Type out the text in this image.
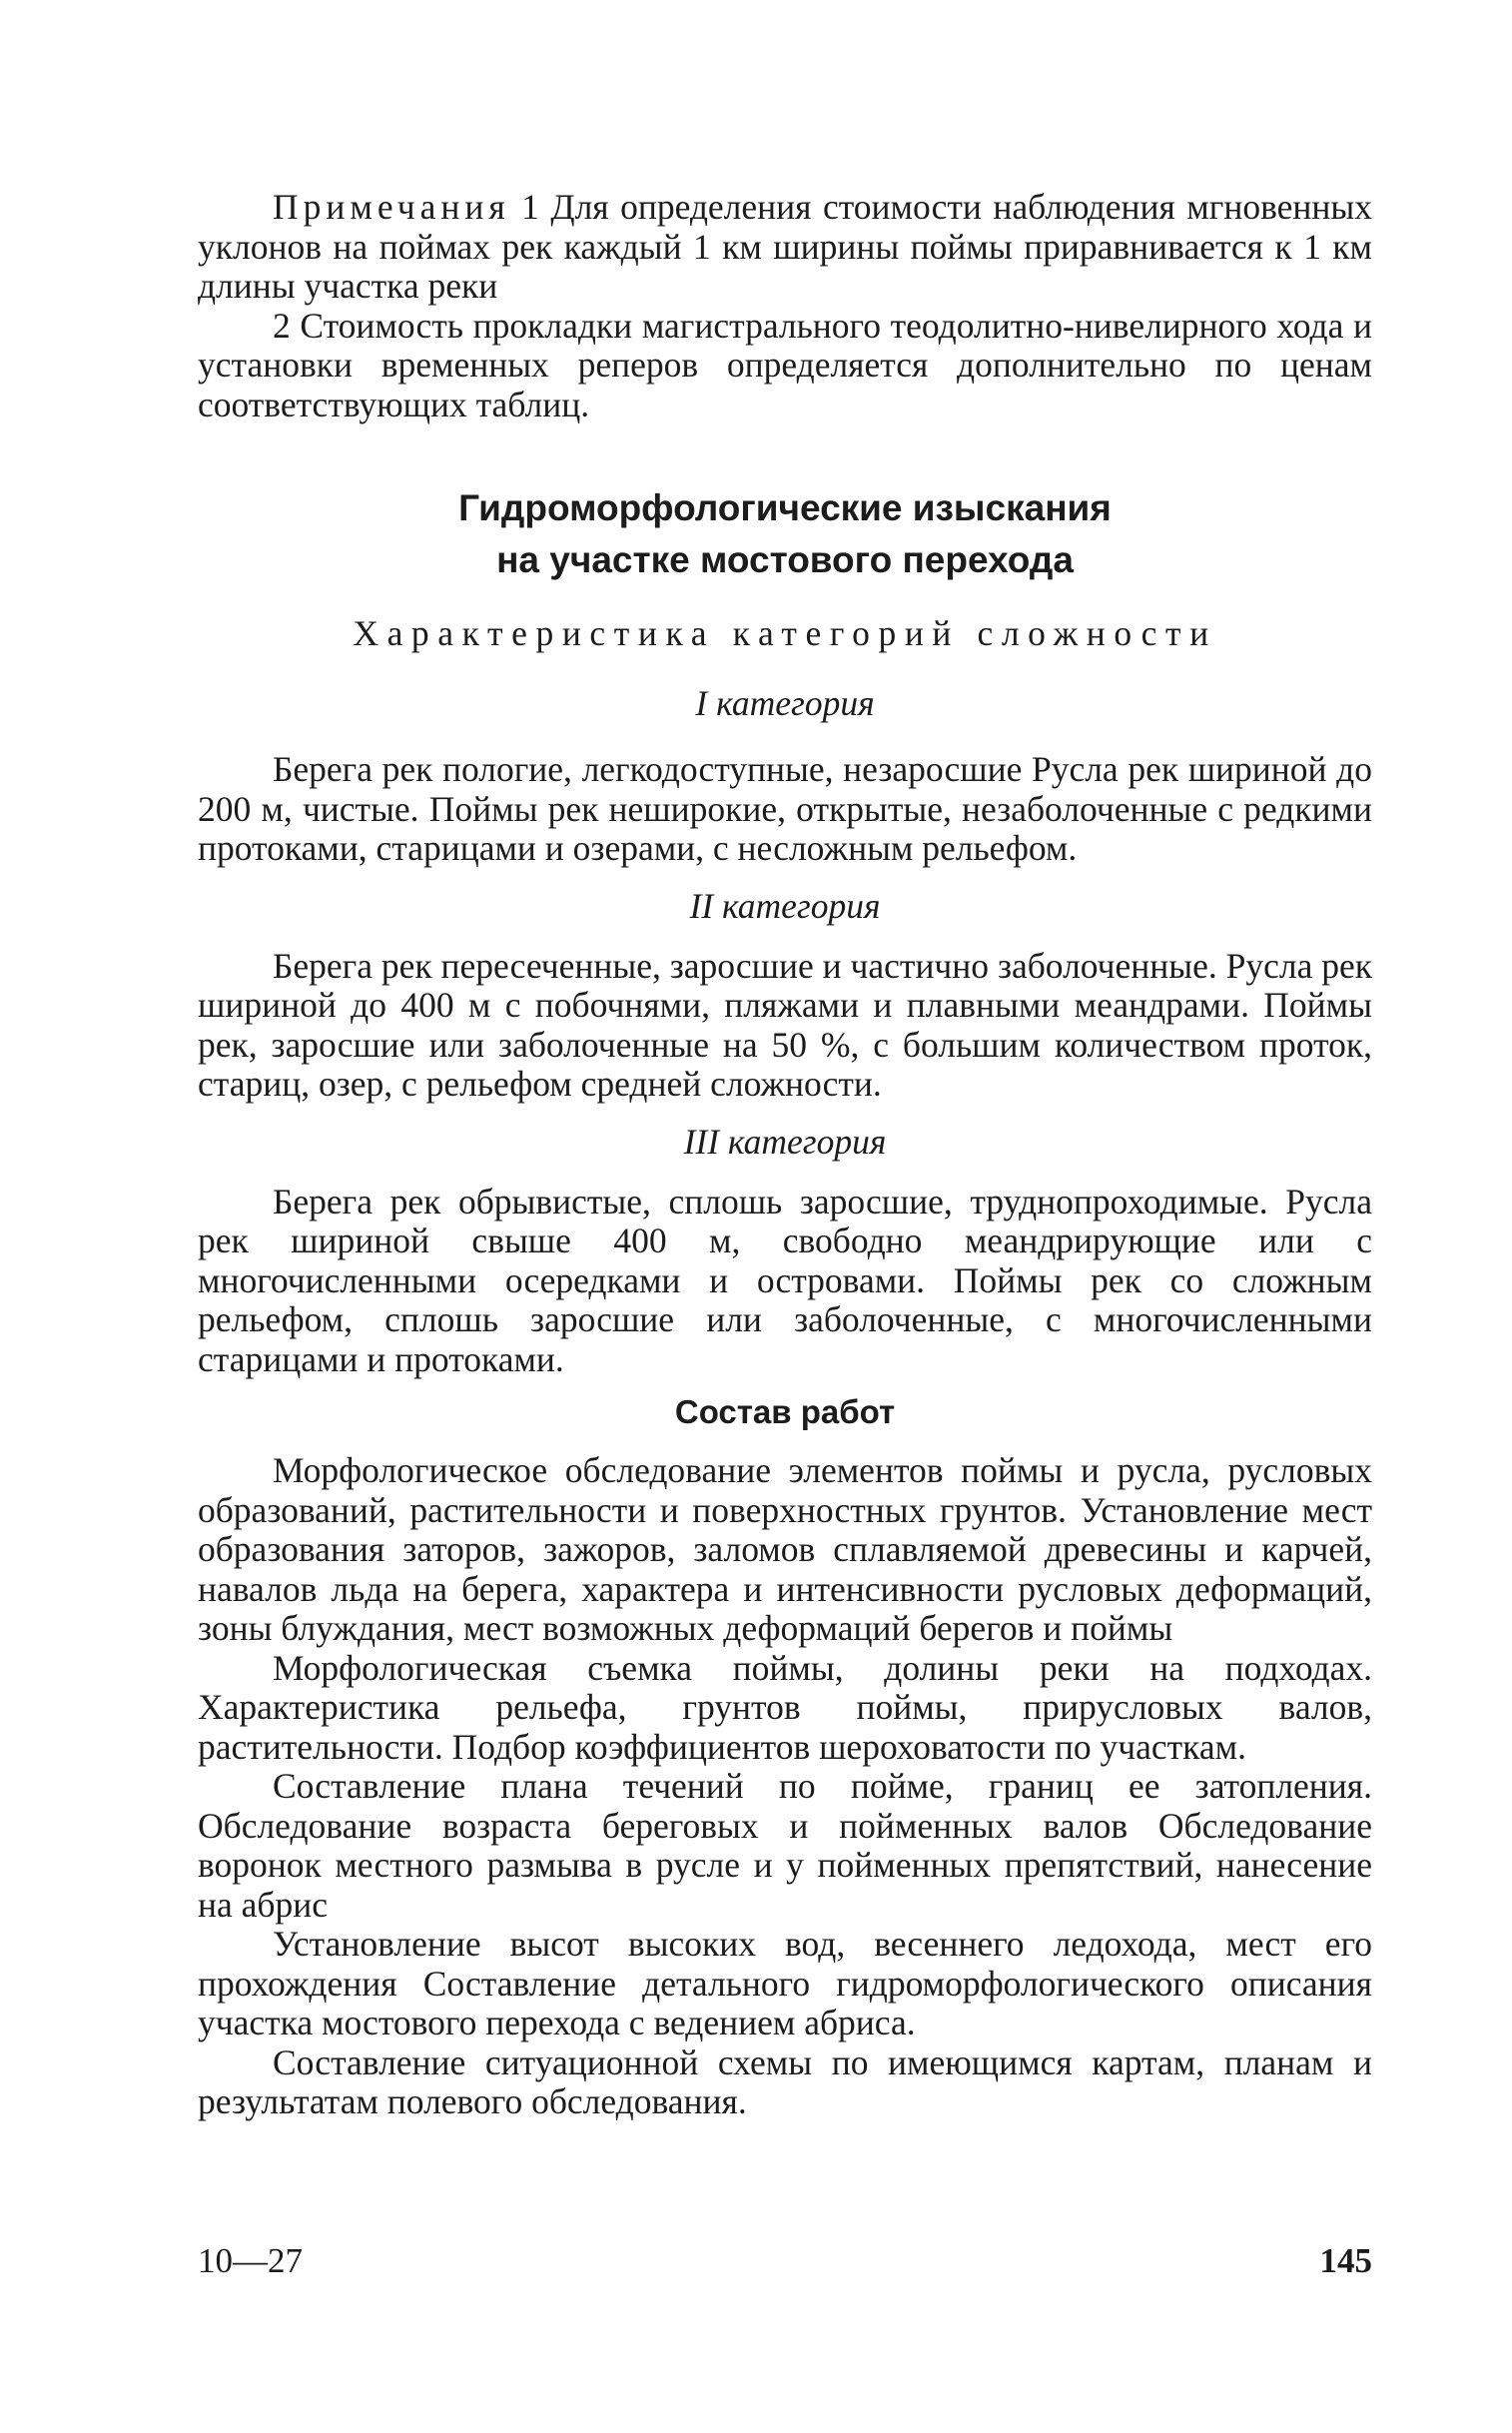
Примечания 1 Для определения стоимости наблюдения мгновенных уклонов на поймах рек каждый 1 км ширины поймы приравнивается к 1 км длины участка реки

2 Стоимость прокладки магистрального теодолитно-нивелирного хода и установки временных реперов определяется дополнительно по ценам соответствующих таблиц.

Гидроморфологические изыскания

на участке мостового перехода

Характеристика категорий сложности

I категория

Берега рек пологие, легкодоступные, незаросшие Русла рек шириной до 200 м, чистые. Поймы рек неширокие, открытые, незаболоченные с редкими протоками, старицами и озерами, с несложным рельефом.

II категория

Берега рек пересеченные, заросшие и частично заболоченные. Русла рек шириной до 400 м с побочнями, пляжами и плавными меандрами. Поймы рек, заросшие или заболоченные на 50 %, с большим количеством проток, стариц, озер, с рельефом средней сложности.

III категория

Берега рек обрывистые, сплошь заросшие, труднопроходимые. Русла рек шириной свыше 400 м, свободно меандрирующие или с многочисленными осередками и островами. Поймы рек со сложным рельефом, сплошь заросшие или заболоченные, с многочисленными старицами и протоками.

Состав работ

Морфологическое обследование элементов поймы и русла, русловых образований, растительности и поверхностных грунтов. Установление мест образования заторов, зажоров, заломов сплавляемой древесины и карчей, навалов льда на берега, характера и интенсивности русловых деформаций, зоны блуждания, мест возможных деформаций берегов и поймы

Морфологическая съемка поймы, долины реки на подходах. Характеристика рельефа, грунтов поймы, прирусловых валов, растительности. Подбор коэффициентов шероховатости по участкам.

Составление плана течений по пойме, границ ее затопления. Обследование возраста береговых и пойменных валов Обследование воронок местного размыва в русле и у пойменных препятствий, нанесение на абрис

Установление высот высоких вод, весеннего ледохода, мест его прохождения Составление детального гидроморфологического описания участка мостового перехода с ведением абриса.

Составление ситуационной схемы по имеющимся картам, планам и результатам полевого обследования.

10—27	145
